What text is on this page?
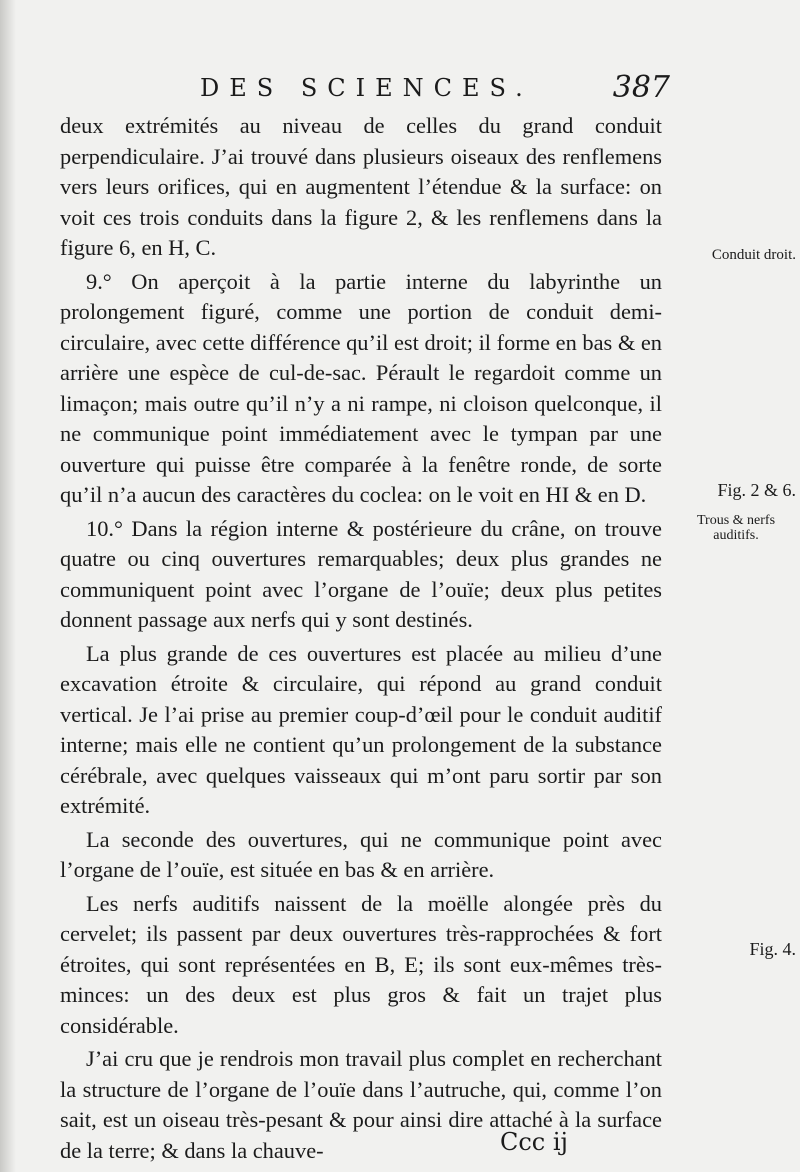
DES SCIENCES.	387

deux extrémités au niveau de celles du grand conduit perpendiculaire. J’ai trouvé dans plusieurs oiseaux des renflemens vers leurs orifices, qui en augmentent l’étendue & la surface: on voit ces trois conduits dans la figure 2, & les renflemens dans la figure 6, en H, C.

9.° On aperçoit à la partie interne du labyrinthe un prolongement figuré, comme une portion de conduit demi-circulaire, avec cette différence qu’il est droit; il forme en bas & en arrière une espèce de cul-de-sac. Pérault le regardoit comme un limaçon; mais outre qu’il n’y a ni rampe, ni cloison quelconque, il ne communique point immédiatement avec le tympan par une ouverture qui puisse être comparée à la fenêtre ronde, de sorte qu’il n’a aucun des caractères du coclea: on le voit en HI & en D.

10.° Dans la région interne & postérieure du crâne, on trouve quatre ou cinq ouvertures remarquables; deux plus grandes ne communiquent point avec l’organe de l’ouïe; deux plus petites donnent passage aux nerfs qui y sont destinés.

La plus grande de ces ouvertures est placée au milieu d’une excavation étroite & circulaire, qui répond au grand conduit vertical. Je l’ai prise au premier coup-d’œil pour le conduit auditif interne; mais elle ne contient qu’un prolongement de la substance cérébrale, avec quelques vaisseaux qui m’ont paru sortir par son extrémité.

La seconde des ouvertures, qui ne communique point avec l’organe de l’ouïe, est située en bas & en arrière.

Les nerfs auditifs naissent de la moëlle alongée près du cervelet; ils passent par deux ouvertures très-rapprochées & fort étroites, qui sont représentées en B, E; ils sont eux-mêmes très-minces: un des deux est plus gros & fait un trajet plus considérable.

J’ai cru que je rendrois mon travail plus complet en recherchant la structure de l’organe de l’ouïe dans l’autruche, qui, comme l’on sait, est un oiseau très-pesant & pour ainsi dire attaché à la surface de la terre; & dans la chauve-

Conduit droit.
Fig. 2 & 6.
Trous & nerfs auditifs.
Fig. 4.
Ccc ij
